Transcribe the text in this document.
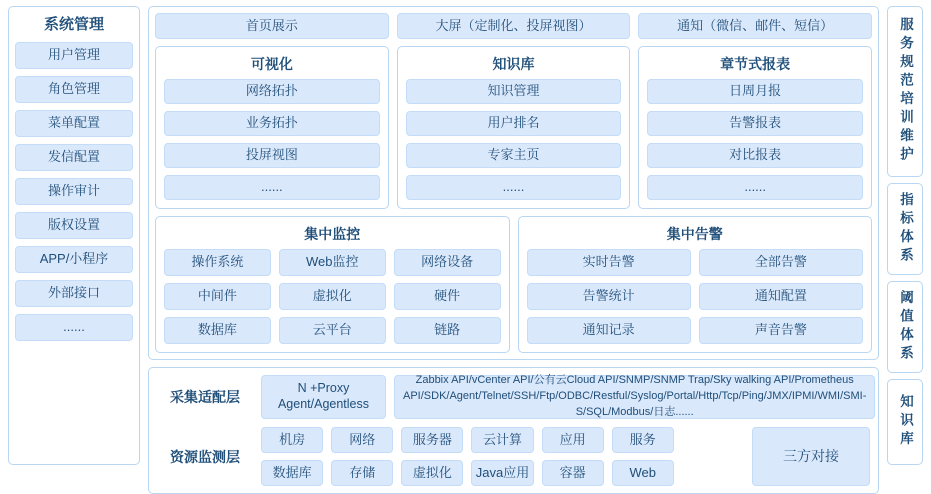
系统管理
用户管理
角色管理
菜单配置
发信配置
操作审计
版权设置
APP/小程序
外部接口
......
首页展示	大屏（定制化、投屏视图）	通知（微信、邮件、短信）
可视化
网络拓扑
业务拓扑
投屏视图
......
知识库
知识管理
用户排名
专家主页
......
章节式报表
日周月报
告警报表
对比报表
......
集中监控
操作系统	Web监控	网络设备
中间件	虚拟化	硬件
数据库	云平台	链路
集中告警
实时告警	全部告警
告警统计	通知配置
通知记录	声音告警
采集适配层
N +Proxy
Agent/Agentless
Zabbix API/vCenter API/公有云Cloud API/SNMP/SNMP Trap/Sky walking API/Prometheus
API/SDK/Agent/Telnet/SSH/Ftp/ODBC/Restful/Syslog/Portal/Http/Tcp/Ping/JMX/IPMI/WMI/SMI-
S/SQL/Modbus/日志......
资源监测层
机房	网络	服务器	云计算	应用	服务
数据库	存储	虚拟化	Java应用	容器	Web
三方对接
服务规范培训维护
指标体系
阈值体系
知识库
